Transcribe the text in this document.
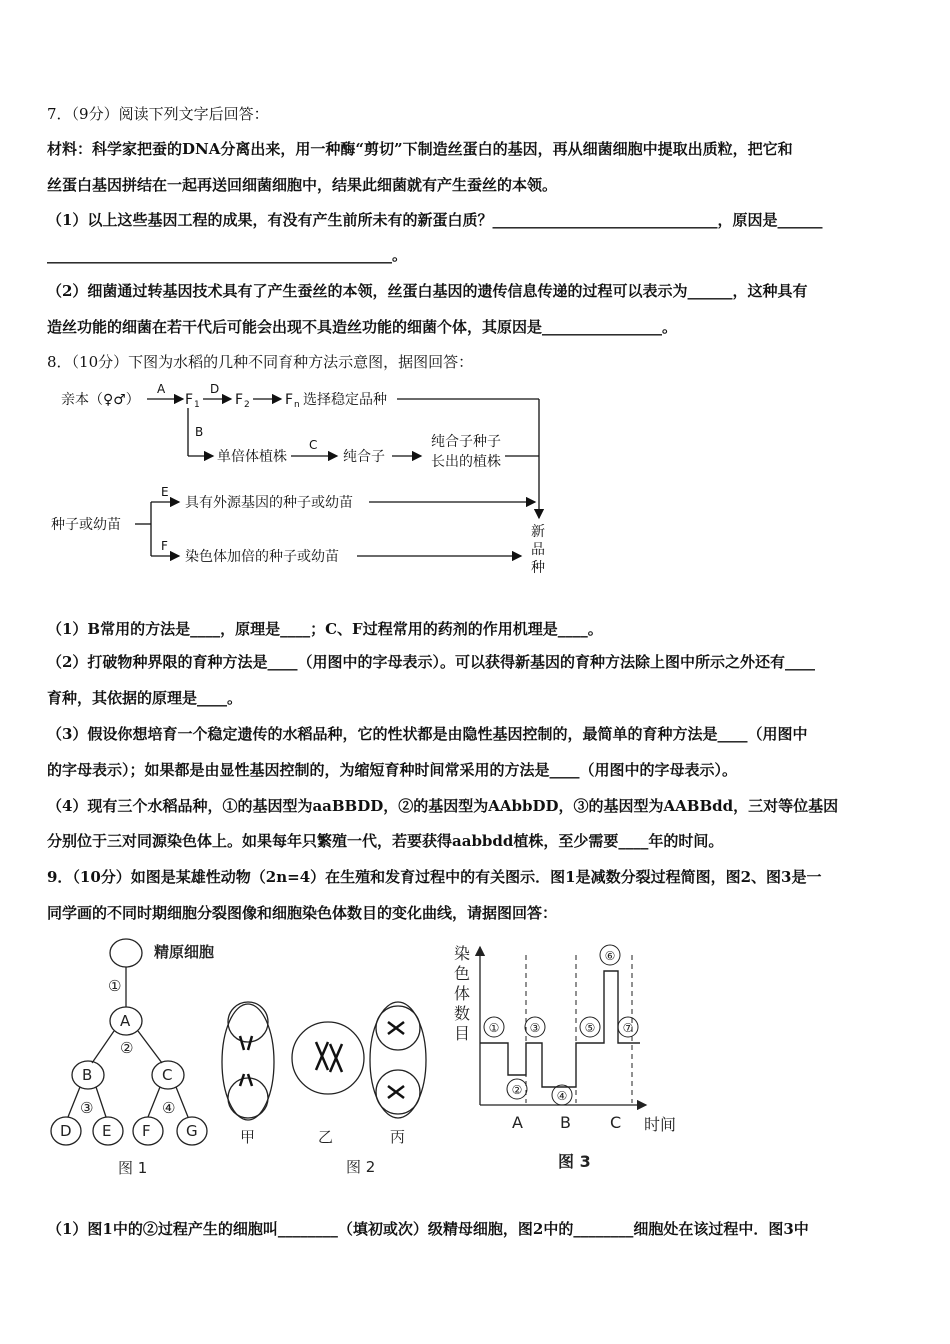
7．（9分）阅读下列文字后回答：
材料：科学家把蚕的DNA分离出来，用一种酶“剪切”下制造丝蛋白的基因，再从细菌细胞中提取出质粒，把它和
丝蛋白基因拼结在一起再送回细菌细胞中，结果此细菌就有产生蚕丝的本领。
（1）以上这些基因工程的成果，有没有产生前所未有的新蛋白质？______________________________，原因是______
______________________________________________。
（2）细菌通过转基因技术具有了产生蚕丝的本领，丝蛋白基因的遗传信息传递的过程可以表示为______，这种具有
造丝功能的细菌在若干代后可能会出现不具造丝功能的细菌个体，其原因是________________。
8．（10分）下图为水稻的几种不同育种方法示意图，据图回答：
亲本（♀♂）
A
F 1
D
F 2	F n 选择稳定品种
B
单倍体植株
C
纯合子
纯合子种子
长出的植株
种子或幼苗
E
具有外源基因的种子或幼苗
F
染色体加倍的种子或幼苗
新
品
种
（1）B常用的方法是____，原理是____；C、F过程常用的药剂的作用机理是____。
（2）打破物种界限的育种方法是____（用图中的字母表示）。可以获得新基因的育种方法除上图中所示之外还有____
育种，其依据的原理是____。
（3）假设你想培育一个稳定遗传的水稻品种，它的性状都是由隐性基因控制的，最简单的育种方法是____（用图中
的字母表示）；如果都是由显性基因控制的，为缩短育种时间常采用的方法是____（用图中的字母表示）。
（4）现有三个水稻品种，①的基因型为aaBBDD，②的基因型为AAbbDD，③的基因型为AABBdd，三对等位基因
分别位于三对同源染色体上。如果每年只繁殖一代，若要获得aabbdd植株，至少需要____年的时间。
9．（10分）如图是某雄性动物（2n=4）在生殖和发育过程中的有关图示．图1是减数分裂过程简图，图2、图3是一
同学画的不同时期细胞分裂图像和细胞染色体数目的变化曲线，请据图回答：
精原细胞
①
A
②
B	C
③	④
D E F G
图 1
甲	乙	丙
图 2
染
色
体
数
目 ①
②
③
④
⑤
⑥
⑦
A B C 时间
图 3
（1）图1中的②过程产生的细胞叫________（填初或次）级精母细胞，图2中的________细胞处在该过程中．图3中
